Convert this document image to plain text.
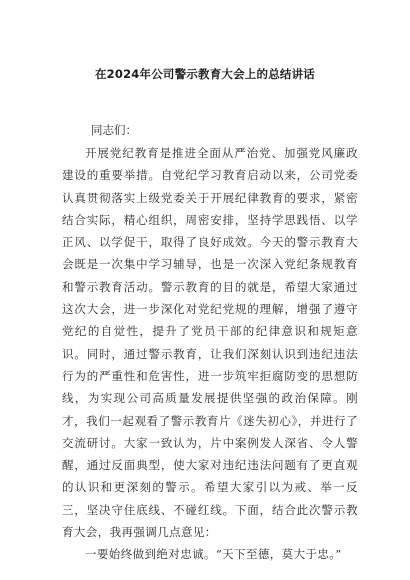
在2024年公司警示教育大会上的总结讲话
同志们：

开展党纪教育是推进全面从严治党、加强党风廉政建设的重要举措。自党纪学习教育启动以来，公司党委认真贯彻落实上级党委关于开展纪律教育的要求，紧密结合实际，精心组织，周密安排，坚持学思践悟、以学正风、以学促干，取得了良好成效。今天的警示教育大会既是一次集中学习辅导，也是一次深入党纪条规教育和警示教育活动。警示教育的目的就是，希望大家通过这次大会，进一步深化对党纪党规的理解，增强了遵守党纪的自觉性，提升了党员干部的纪律意识和规矩意识。同时，通过警示教育，让我们深刻认识到违纪违法行为的严重性和危害性，进一步筑牢拒腐防变的思想防线，为实现公司高质量发展提供坚强的政治保障。刚才，我们一起观看了警示教育片《迷失初心》，并进行了交流研讨。大家一致认为，片中案例发人深省、令人警醒，通过反面典型，使大家对违纪违法问题有了更直观的认识和更深刻的警示。希望大家引以为戒、举一反三，坚决守住底线、不碰红线。下面，结合此次警示教育大会，我再强调几点意见：

一要始终做到绝对忠诚。“天下至德，莫大于忠。”
